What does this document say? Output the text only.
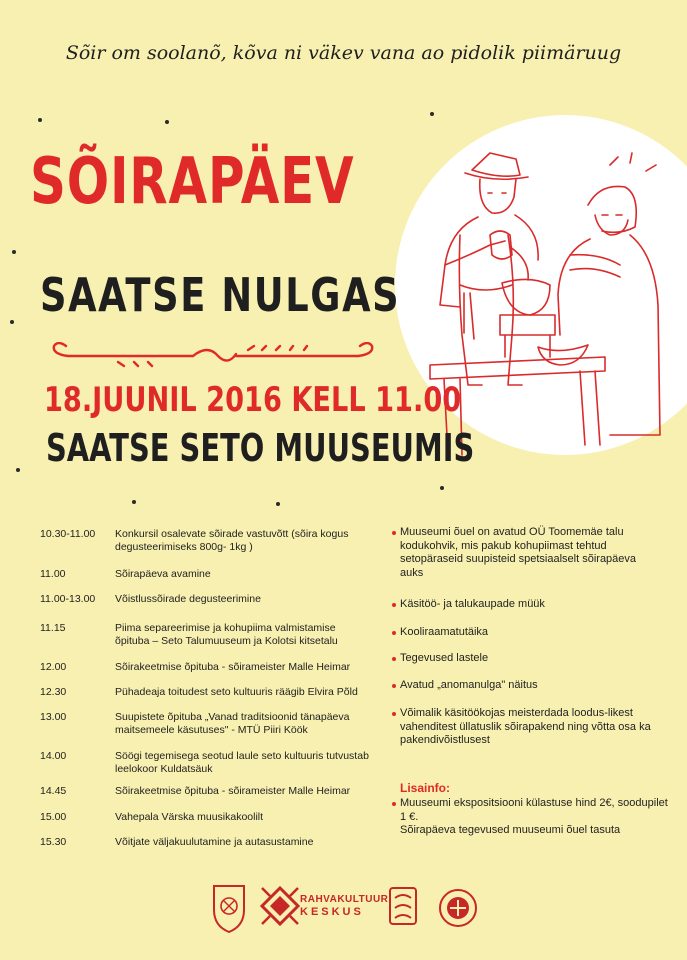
Sõir om soolanõ, kõva ni väkev vana ao pidolik piimäruug
SÕIRAPÄEV
SAATSE NULGAS
18.JUUNIL 2016 KELL 11.00
SAATSE SETO MUUSEUMIS
10.30-11.00	Konkursil osalevate sõirade vastuvõtt (sõira kogus degusteerimiseks 800g- 1kg )
11.00	Sõirapäeva avamine
11.00-13.00	Võistlussõirade degusteerimine
11.15	Piima separeerimise ja kohupiima valmistamise õpituba – Seto Talumuuseum ja Kolotsi kitsetalu
12.00	Sõirakeetmise õpituba - sõirameister Malle Heimar
12.30	Pühadeaja toitudest seto kultuuris räägib Elvira Põld
13.00	Suupistete õpituba „Vanad traditsioonid tänapäeva maitsemeele käsutuses" - MTÜ Piiri Köök
14.00	Söögi tegemisega seotud laule seto kultuuris tutvustab leelokoor Kuldatsäuk
14.45	Sõirakeetmise õpituba - sõirameister Malle Heimar
15.00	Vahepala Värska muusikakoolilt
15.30	Võitjate väljakuulutamine ja autasustamine
Muuseumi õuel on avatud OÜ Toomemäe talu kodukohvik, mis pakub kohupiimast tehtud setopäraseid suupisteid spetsiaalselt sõirapäeva auks
Käsitöö- ja talukaupade müük
Kooliraamatutäika
Tegevused lastele
Avatud „anomanulga" näitus
Võimalik käsitöökojas meisterdada loodus-likest vahenditest üllatuslik sõirapakend ning võtta osa ka pakendivõistlusest
Lisainfo:
Muuseumi ekspositsiooni külastuse hind 2€, soodupilet 1 €.
Sõirapäeva tegevused muuseumi õuel tasuta
RAHVAKULTUURI
KESKUS
